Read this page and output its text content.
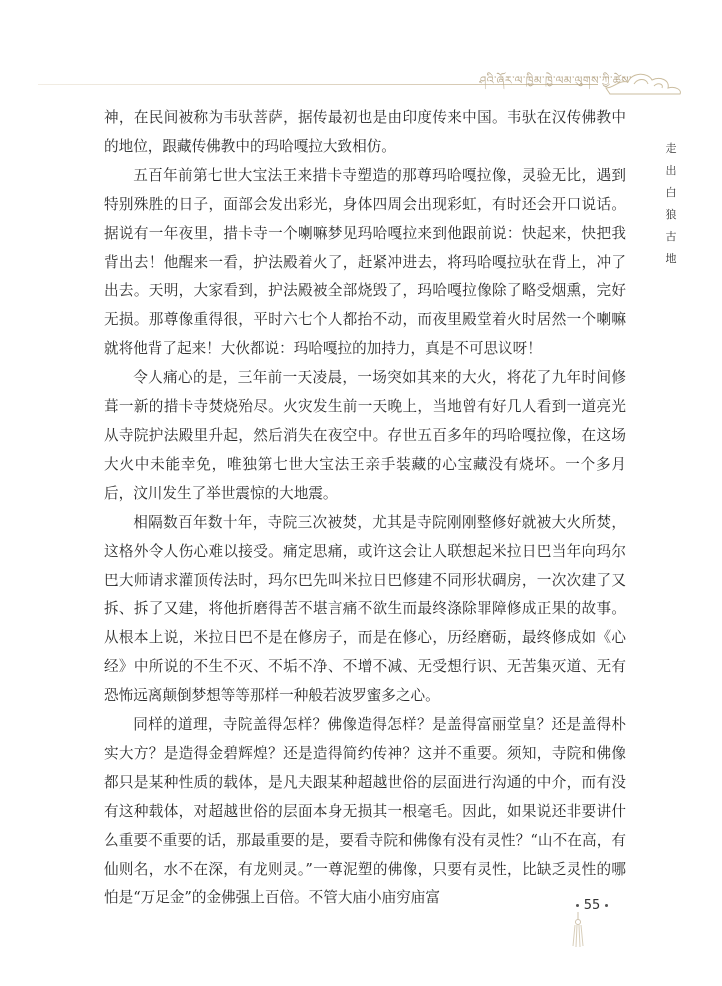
ཤའི་ཞོར་ལ་ཁྱིམ་ཁྱེ་ལམ་ལུགས་ཀྱི་ཚེས་
走
出
白
狼
古
地

神，在民间被称为韦驮菩萨，据传最初也是由印度传来中国。韦驮在汉传佛教中的地位，跟藏传佛教中的玛哈嘎拉大致相仿。

五百年前第七世大宝法王来措卡寺塑造的那尊玛哈嘎拉像，灵验无比，遇到特别殊胜的日子，面部会发出彩光，身体四周会出现彩虹，有时还会开口说话。据说有一年夜里，措卡寺一个喇嘛梦见玛哈嘎拉来到他跟前说：快起来，快把我背出去！他醒来一看，护法殿着火了，赶紧冲进去，将玛哈嘎拉驮在背上，冲了出去。天明，大家看到，护法殿被全部烧毁了，玛哈嘎拉像除了略受烟熏，完好无损。那尊像重得很，平时六七个人都抬不动，而夜里殿堂着火时居然一个喇嘛就将他背了起来！大伙都说：玛哈嘎拉的加持力，真是不可思议呀！

令人痛心的是，三年前一天凌晨，一场突如其来的大火，将花了九年时间修葺一新的措卡寺焚烧殆尽。火灾发生前一天晚上，当地曾有好几人看到一道亮光从寺院护法殿里升起，然后消失在夜空中。存世五百多年的玛哈嘎拉像，在这场大火中未能幸免，唯独第七世大宝法王亲手装藏的心宝藏没有烧坏。一个多月后，汶川发生了举世震惊的大地震。

相隔数百年数十年，寺院三次被焚，尤其是寺院刚刚整修好就被大火所焚，这格外令人伤心难以接受。痛定思痛，或许这会让人联想起米拉日巴当年向玛尔巴大师请求灌顶传法时，玛尔巴先叫米拉日巴修建不同形状碉房，一次次建了又拆、拆了又建，将他折磨得苦不堪言痛不欲生而最终涤除罪障修成正果的故事。从根本上说，米拉日巴不是在修房子，而是在修心，历经磨砺，最终修成如《心经》中所说的不生不灭、不垢不净、不增不减、无受想行识、无苦集灭道、无有恐怖远离颠倒梦想等等那样一种般若波罗蜜多之心。

同样的道理，寺院盖得怎样？佛像造得怎样？是盖得富丽堂皇？还是盖得朴实大方？是造得金碧辉煌？还是造得简约传神？这并不重要。须知，寺院和佛像都只是某种性质的载体，是凡夫跟某种超越世俗的层面进行沟通的中介，而有没有这种载体，对超越世俗的层面本身无损其一根毫毛。因此，如果说还非要讲什么重要不重要的话，那最重要的是，要看寺院和佛像有没有灵性？“山不在高，有仙则名，水不在深，有龙则灵。”一尊泥塑的佛像，只要有灵性，比缺乏灵性的哪怕是“万足金”的金佛强上百倍。不管大庙小庙穷庙富	55
